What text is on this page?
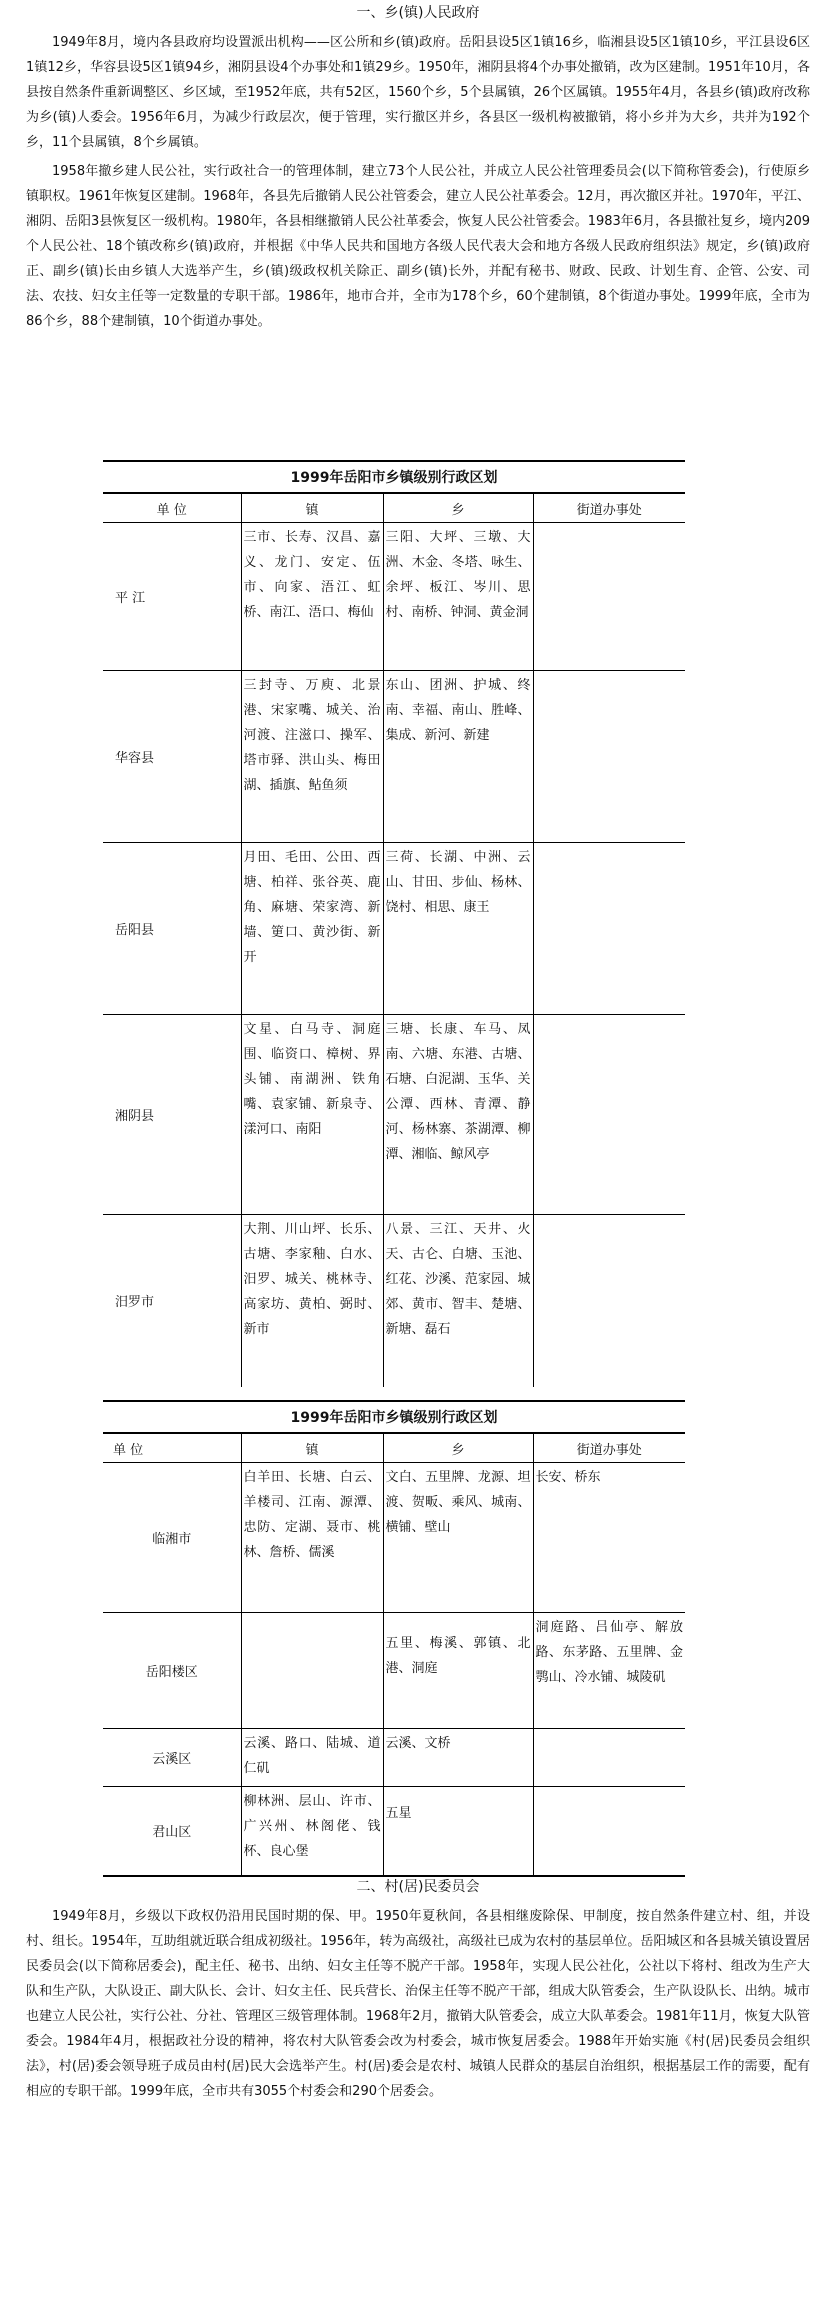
一、乡(镇)人民政府

1949年8月，境内各县政府均设置派出机构——区公所和乡(镇)政府。岳阳县设5区1镇16乡，临湘县设5区1镇10乡，平江县设6区1镇12乡，华容县设5区1镇94乡，湘阴县设4个办事处和1镇29乡。1950年，湘阴县将4个办事处撤销，改为区建制。1951年10月，各县按自然条件重新调整区、乡区域，至1952年底，共有52区，1560个乡，5个县属镇，26个区属镇。1955年4月，各县乡(镇)政府改称为乡(镇)人委会。1956年6月，为减少行政层次，便于管理，实行撤区并乡，各县区一级机构被撤销，将小乡并为大乡，共并为192个乡，11个县属镇，8个乡属镇。

1958年撤乡建人民公社，实行政社合一的管理体制，建立73个人民公社，并成立人民公社管理委员会(以下简称管委会)，行使原乡镇职权。1961年恢复区建制。1968年，各县先后撤销人民公社管委会，建立人民公社革委会。12月，再次撤区并社。1970年，平江、湘阴、岳阳3县恢复区一级机构。1980年，各县相继撤销人民公社革委会，恢复人民公社管委会。1983年6月，各县撤社复乡，境内209个人民公社、18个镇改称乡(镇)政府，并根据《中华人民共和国地方各级人民代表大会和地方各级人民政府组织法》规定，乡(镇)政府正、副乡(镇)长由乡镇人大选举产生，乡(镇)级政权机关除正、副乡(镇)长外，并配有秘书、财政、民政、计划生育、企管、公安、司法、农技、妇女主任等一定数量的专职干部。1986年，地市合并，全市为178个乡，60个建制镇，8个街道办事处。1999年底，全市为86个乡，88个建制镇，10个街道办事处。

1999年岳阳市乡镇级别行政区划
单 位	镇	乡	街道办事处
平 江	三市、长寿、汉昌、嘉义、龙门、安定、伍市、向家、浯江、虹桥、南江、浯口、梅仙	三阳、大坪、三墩、大洲、木金、冬塔、咏生、余坪、板江、岑川、思村、南桥、钟洞、黄金洞	
华容县	三封寺、万庾、北景港、宋家嘴、城关、治河渡、注滋口、操军、塔市驿、洪山头、梅田湖、插旗、鲇鱼须	东山、团洲、护城、终南、幸福、南山、胜峰、集成、新河、新建	
岳阳县	月田、毛田、公田、西塘、柏祥、张谷英、鹿角、麻塘、荣家湾、新墙、筻口、黄沙街、新开	三荷、长湖、中洲、云山、甘田、步仙、杨林、饶村、相思、康王	
湘阴县	文星、白马寺、洞庭围、临资口、樟树、界头铺、南湖洲、铁角嘴、袁家铺、新泉寺、漾河口、南阳	三塘、长康、车马、凤南、六塘、东港、古塘、石塘、白泥湖、玉华、关公潭、西林、青潭、静河、杨林寨、茶湖潭、柳潭、湘临、鲸风亭	
汨罗市	大荆、川山坪、长乐、古塘、李家釉、白水、汨罗、城关、桃林寺、高家坊、黄柏、弼时、新市	八景、三江、天井、火天、古仑、白塘、玉池、红花、沙溪、范家园、城郊、黄市、智丰、楚塘、新塘、磊石	
1999年岳阳市乡镇级别行政区划
单 位	镇	乡	街道办事处
临湘市	白羊田、长塘、白云、羊楼司、江南、源潭、忠防、定湖、聂市、桃林、詹桥、儒溪	文白、五里牌、龙源、坦渡、贺畈、乘风、城南、横铺、壁山	长安、桥东
岳阳楼区		五里、梅溪、郭镇、北港、洞庭	洞庭路、吕仙亭、解放路、东茅路、五里牌、金鹗山、冷水铺、城陵矶
云溪区	云溪、路口、陆城、道仁矶	云溪、文桥	
君山区	柳林洲、层山、许市、广兴州、林阁佬、钱杯、良心堡	五星	
二、村(居)民委员会

1949年8月，乡级以下政权仍沿用民国时期的保、甲。1950年夏秋间，各县相继废除保、甲制度，按自然条件建立村、组，并设村、组长。1954年，互助组就近联合组成初级社。1956年，转为高级社，高级社已成为农村的基层单位。岳阳城区和各县城关镇设置居民委员会(以下简称居委会)，配主任、秘书、出纳、妇女主任等不脱产干部。1958年，实现人民公社化，公社以下将村、组改为生产大队和生产队，大队设正、副大队长、会计、妇女主任、民兵营长、治保主任等不脱产干部，组成大队管委会，生产队设队长、出纳。城市也建立人民公社，实行公社、分社、管理区三级管理体制。1968年2月，撤销大队管委会，成立大队革委会。1981年11月，恢复大队管委会。1984年4月，根据政社分设的精神，将农村大队管委会改为村委会，城市恢复居委会。1988年开始实施《村(居)民委员会组织法》，村(居)委会领导班子成员由村(居)民大会选举产生。村(居)委会是农村、城镇人民群众的基层自治组织，根据基层工作的需要，配有相应的专职干部。1999年底，全市共有3055个村委会和290个居委会。
